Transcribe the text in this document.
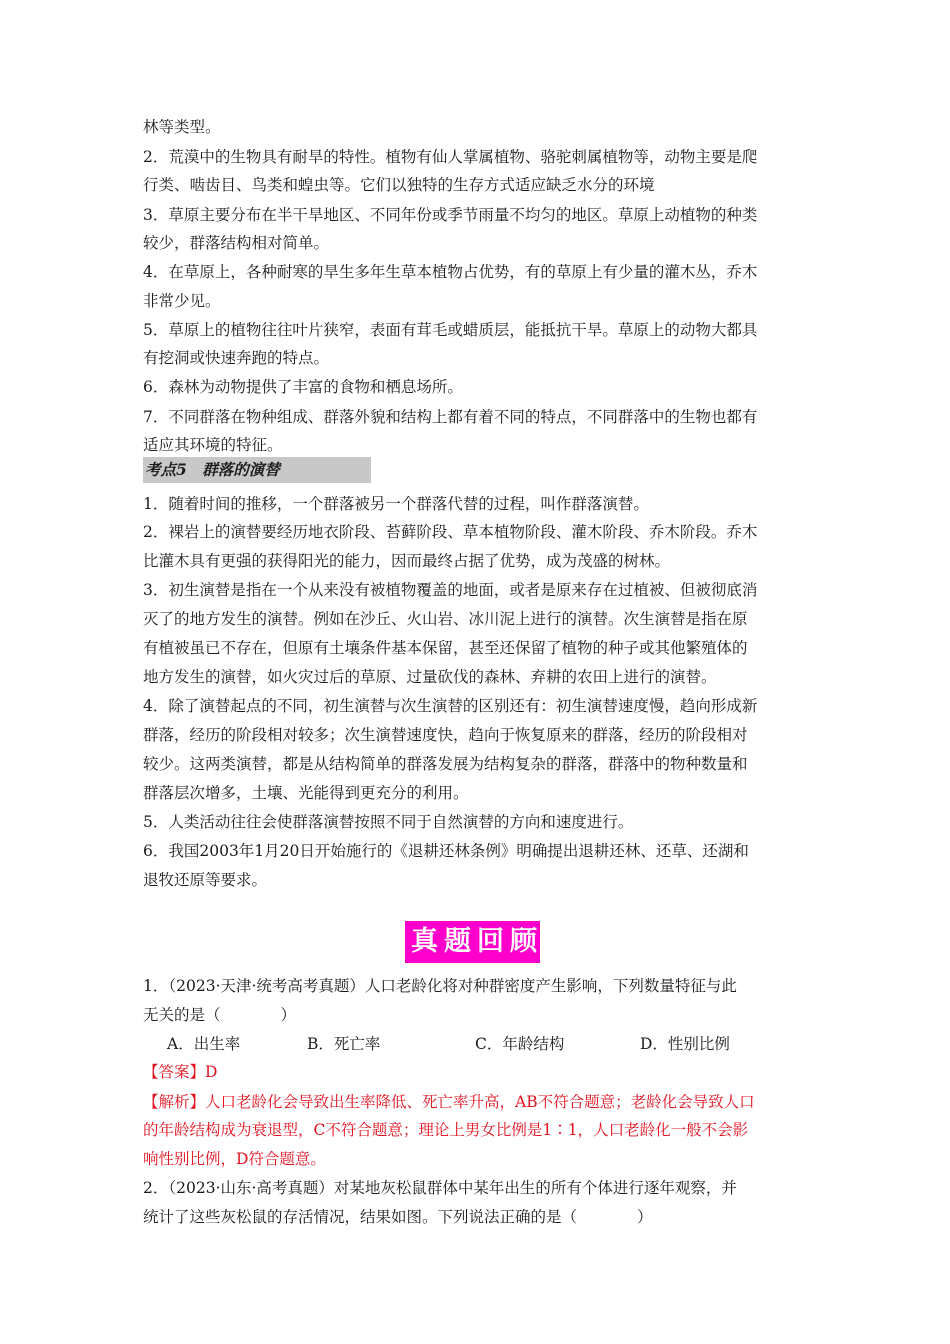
林等类型。
2．荒漠中的生物具有耐旱的特性。植物有仙人掌属植物、骆驼刺属植物等，动物主要是爬
行类、啮齿目、鸟类和蝗虫等。它们以独特的生存方式适应缺乏水分的环境
3．草原主要分布在半干旱地区、不同年份或季节雨量不均匀的地区。草原上动植物的种类
较少，群落结构相对简单。
4．在草原上，各种耐寒的旱生多年生草本植物占优势，有的草原上有少量的灌木丛，乔木
非常少见。
5．草原上的植物往往叶片狭窄，表面有茸毛或蜡质层，能抵抗干旱。草原上的动物大都具
有挖洞或快速奔跑的特点。
6．森林为动物提供了丰富的食物和栖息场所。
7．不同群落在物种组成、群落外貌和结构上都有着不同的特点，不同群落中的生物也都有
适应其环境的特征。
考点5　群落的演替
1．随着时间的推移，一个群落被另一个群落代替的过程，叫作群落演替。
2．裸岩上的演替要经历地衣阶段、苔藓阶段、草本植物阶段、灌木阶段、乔木阶段。乔木
比灌木具有更强的获得阳光的能力，因而最终占据了优势，成为茂盛的树林。
3．初生演替是指在一个从来没有被植物覆盖的地面，或者是原来存在过植被、但被彻底消
灭了的地方发生的演替。例如在沙丘、火山岩、冰川泥上进行的演替。次生演替是指在原
有植被虽已不存在，但原有土壤条件基本保留，甚至还保留了植物的种子或其他繁殖体的
地方发生的演替，如火灾过后的草原、过量砍伐的森林、弃耕的农田上进行的演替。
4．除了演替起点的不同，初生演替与次生演替的区别还有：初生演替速度慢，趋向形成新
群落，经历的阶段相对较多；次生演替速度快，趋向于恢复原来的群落，经历的阶段相对
较少。这两类演替，都是从结构简单的群落发展为结构复杂的群落，群落中的物种数量和
群落层次增多，土壤、光能得到更充分的利用。
5．人类活动往往会使群落演替按照不同于自然演替的方向和速度进行。
6．我国2003年1月20日开始施行的《退耕还林条例》明确提出退耕还林、还草、还湖和
退牧还原等要求。
真题回顾
1．（2023·天津·统考高考真题）人口老龄化将对种群密度产生影响，下列数量特征与此
无关的是（	）
A．出生率	B．死亡率	C．年龄结构	D．性别比例
【答案】D
【解析】人口老龄化会导致出生率降低、死亡率升高，AB不符合题意；老龄化会导致人口
的年龄结构成为衰退型，C不符合题意；理论上男女比例是1∶1，人口老龄化一般不会影
响性别比例，D符合题意。
2．（2023·山东·高考真题）对某地灰松鼠群体中某年出生的所有个体进行逐年观察，并
统计了这些灰松鼠的存活情况，结果如图。下列说法正确的是（	）
